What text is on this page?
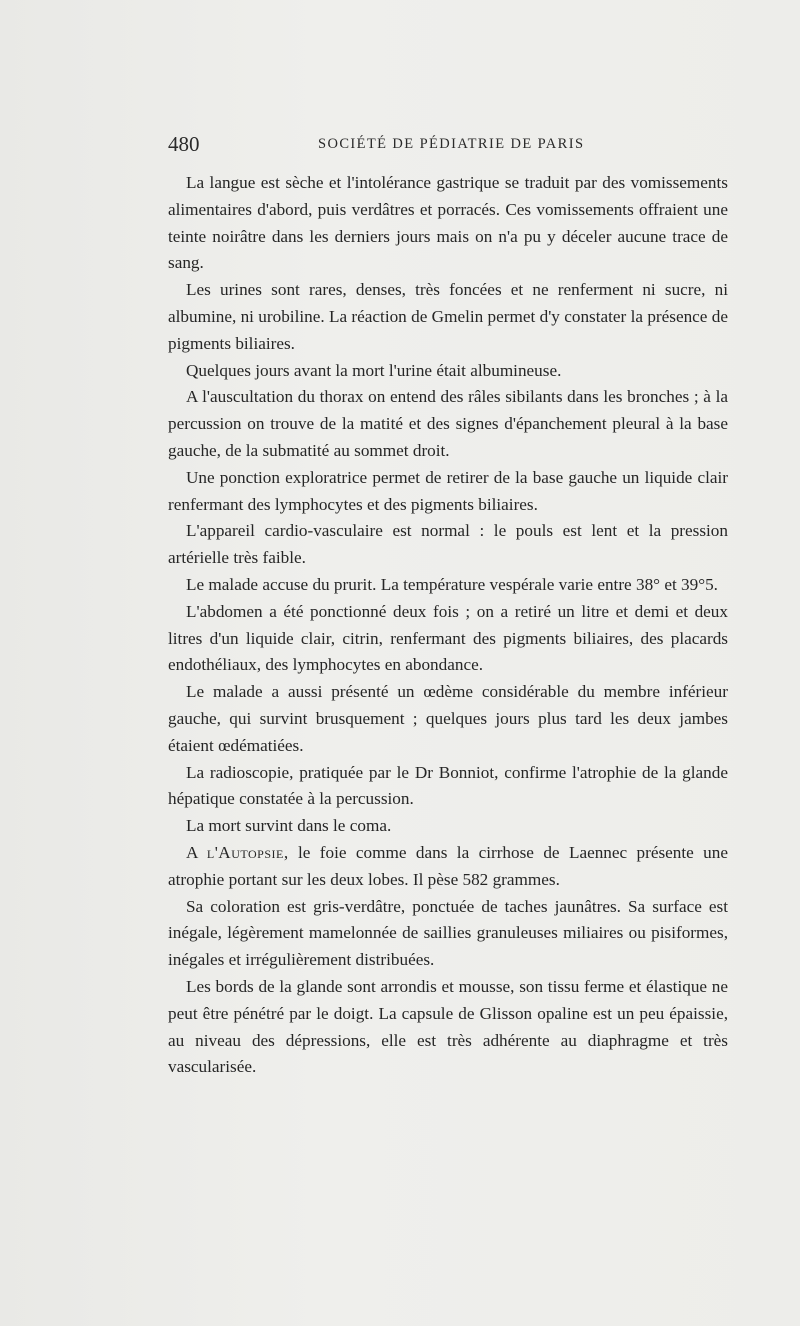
480	SOCIÉTÉ DE PÉDIATRIE DE PARIS

La langue est sèche et l'intolérance gastrique se traduit par des vomissements alimentaires d'abord, puis verdâtres et porracés. Ces vomissements offraient une teinte noirâtre dans les derniers jours mais on n'a pu y déceler aucune trace de sang.

Les urines sont rares, denses, très foncées et ne renferment ni sucre, ni albumine, ni urobiline. La réaction de Gmelin permet d'y constater la présence de pigments biliaires.

Quelques jours avant la mort l'urine était albumineuse.

A l'auscultation du thorax on entend des râles sibilants dans les bronches ; à la percussion on trouve de la matité et des signes d'épanchement pleural à la base gauche, de la submatité au sommet droit.

Une ponction exploratrice permet de retirer de la base gauche un liquide clair renfermant des lymphocytes et des pigments biliaires.

L'appareil cardio-vasculaire est normal : le pouls est lent et la pression artérielle très faible.

Le malade accuse du prurit. La température vespérale varie entre 38° et 39°5.

L'abdomen a été ponctionné deux fois ; on a retiré un litre et demi et deux litres d'un liquide clair, citrin, renfermant des pigments biliaires, des placards endothéliaux, des lymphocytes en abondance.

Le malade a aussi présenté un œdème considérable du membre inférieur gauche, qui survint brusquement ; quelques jours plus tard les deux jambes étaient œdématiées.

La radioscopie, pratiquée par le Dr Bonniot, confirme l'atrophie de la glande hépatique constatée à la percussion.

La mort survint dans le coma.

A l'Autopsie, le foie comme dans la cirrhose de Laennec présente une atrophie portant sur les deux lobes. Il pèse 582 grammes.

Sa coloration est gris-verdâtre, ponctuée de taches jaunâtres. Sa surface est inégale, légèrement mamelonnée de saillies granuleuses miliaires ou pisiformes, inégales et irrégulièrement distribuées.

Les bords de la glande sont arrondis et mousse, son tissu ferme et élastique ne peut être pénétré par le doigt. La capsule de Glisson opaline est un peu épaissie, au niveau des dépressions, elle est très adhérente au diaphragme et très vascularisée.
